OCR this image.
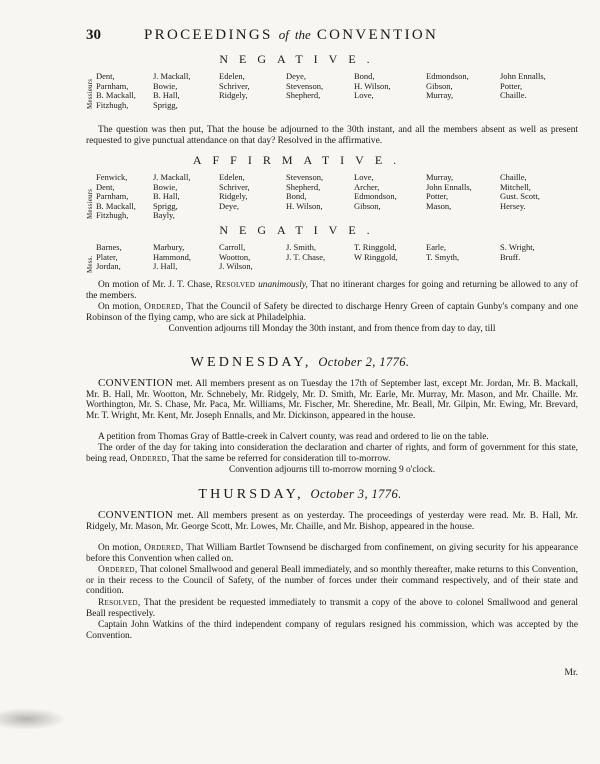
30	PROCEEDINGS of the CONVENTION
NEGATIVE.
Messieurs
Dent,
Parnham,
B. Mackall,
Fitzhugh,
J. Mackall,
Bowie,
B. Hall,
Sprigg,
Edelen,
Schriver,
Ridgely,
Deye,
Stevenson,
Shepherd,
Bond,
H. Wilson,
Love,
Edmondson,
Gibson,
Murray,
John Ennalls,
Potter,
Chaille.
The question was then put, That the house be adjourned to the 30th instant, and all the members absent as well as present requested to give punctual attendance on that day? Resolved in the affirmative.
AFFIRMATIVE.
Messieurs
Fenwick,
Dent,
Parnham,
B. Mackall,
Fitzhugh,
J. Mackall,
Bowie,
B. Hall,
Sprigg,
Bayly,
Edelen,
Schriver,
Ridgely,
Deye,
Stevenson,
Shepherd,
Bond,
H. Wilson,
Love,
Archer,
Edmondson,
Gibson,
Murray,
John Ennalls,
Potter,
Mason,
Chaille,
Mitchell,
Gust. Scott,
Hersey.
NEGATIVE.
Mess.
Barnes,
Plater,
Jordan,
Marbury,
Hammond,
J. Hall,
Carroll,
Wootton,
J. Wilson,
J. Smith,
J. T. Chase,
T. Ringgold,
W Ringgold,
Earle,
T. Smyth,
S. Wright,
Bruff.
On motion of Mr. J. T. Chase, Resolved unanimously, That no itinerant charges for going and returning be allowed to any of the members.
On motion, Ordered, That the Council of Safety be directed to discharge Henry Green of captain Gunby's company and one Robinson of the flying camp, who are sick at Philadelphia.
Convention adjourns till Monday the 30th instant, and from thence from day to day, till
WEDNESDAY, October 2, 1776.
CONVENTION met. All members present as on Tuesday the 17th of September last, except Mr. Jordan, Mr. B. Mackall, Mr. B. Hall, Mr. Wootton, Mr. Schnebely, Mr. Ridgely, Mr. D. Smith, Mr. Earle, Mr. Murray, Mr. Mason, and Mr. Chaille. Mr. Worthington, Mr. S. Chase, Mr. Paca, Mr. Williams, Mr. Fischer, Mr. Sheredine, Mr. Beall, Mr. Gilpin, Mr. Ewing, Mr. Brevard, Mr. T. Wright, Mr. Kent, Mr. Joseph Ennalls, and Mr. Dickinson, appeared in the house.
A petition from Thomas Gray of Battle-creek in Calvert county, was read and ordered to lie on the table.
The order of the day for taking into consideration the declaration and charter of rights, and form of government for this state, being read, Ordered, That the same be referred for consideration till to-morrow.
Convention adjourns till to-morrow morning 9 o'clock.
THURSDAY, October 3, 1776.
CONVENTION met. All members present as on yesterday. The proceedings of yesterday were read. Mr. B. Hall, Mr. Ridgely, Mr. Mason, Mr. George Scott, Mr. Lowes, Mr. Chaille, and Mr. Bishop, appeared in the house.
On motion, Ordered, That William Bartlet Townsend be discharged from confinement, on giving security for his appearance before this Convention when called on.
Ordered, That colonel Smallwood and general Beall immediately, and so monthly thereafter, make returns to this Convention, or in their recess to the Council of Safety, of the number of forces under their command respectively, and of their state and condition.
Resolved, That the president be requested immediately to transmit a copy of the above to colonel Smallwood and general Beall respectively.
Captain John Watkins of the third independent company of regulars resigned his commission, which was accepted by the Convention.
Mr.
